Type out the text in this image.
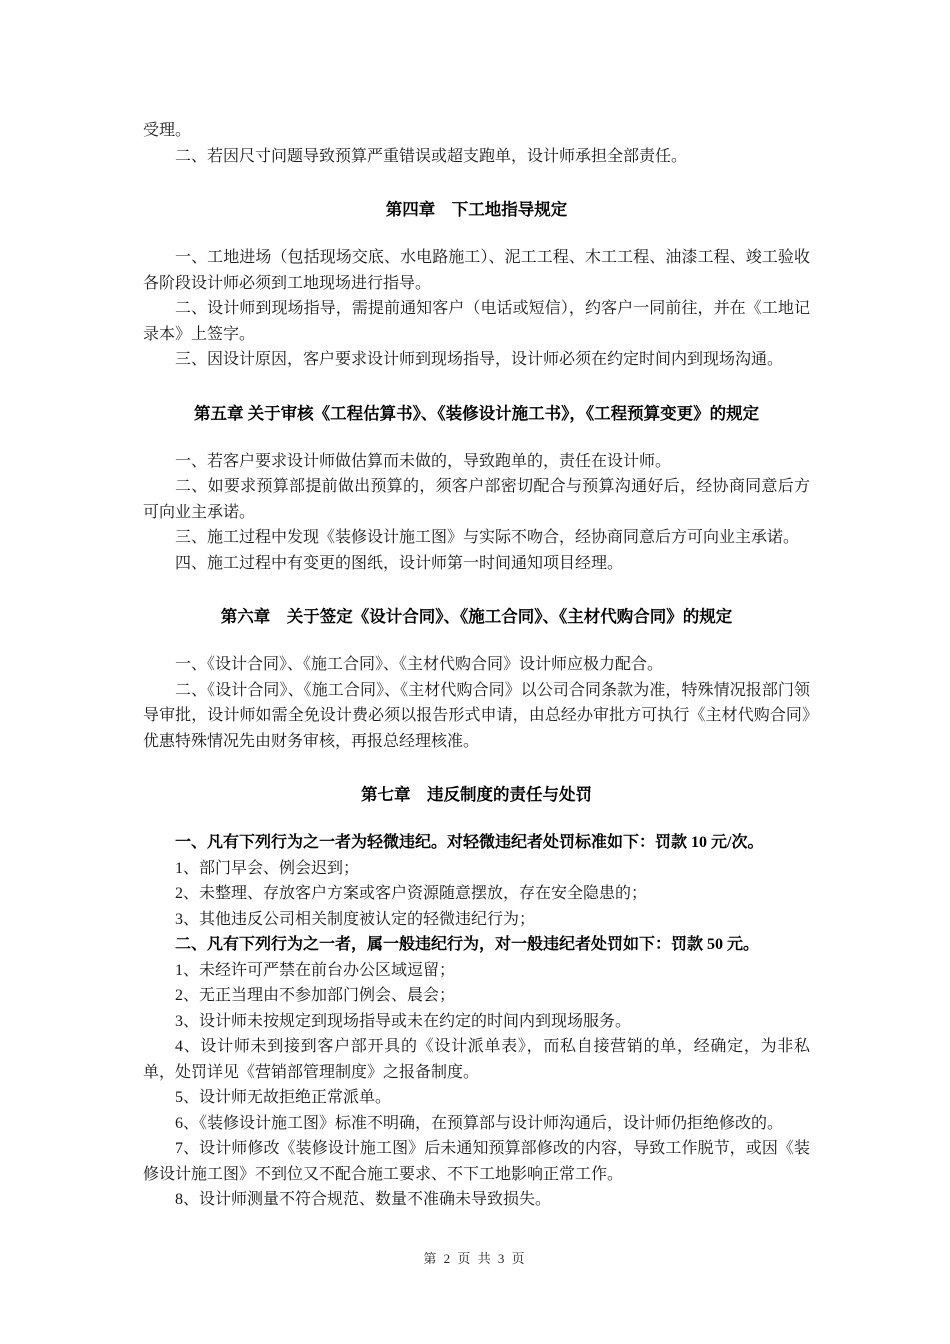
受理。

二、若因尺寸问题导致预算严重错误或超支跑单，设计师承担全部责任。

第四章　下工地指导规定

一、工地进场（包括现场交底、水电路施工）、泥工工程、木工工程、油漆工程、竣工验收各阶段设计师必须到工地现场进行指导。

二、设计师到现场指导，需提前通知客户（电话或短信），约客户一同前往，并在《工地记录本》上签字。

三、因设计原因，客户要求设计师到现场指导，设计师必须在约定时间内到现场沟通。

第五章 关于审核《工程估算书》、《装修设计施工书》，《工程预算变更》的规定

一、若客户要求设计师做估算而未做的，导致跑单的，责任在设计师。

二、如要求预算部提前做出预算的，须客户部密切配合与预算沟通好后，经协商同意后方可向业主承诺。

三、施工过程中发现《装修设计施工图》与实际不吻合，经协商同意后方可向业主承诺。

四、施工过程中有变更的图纸，设计师第一时间通知项目经理。

第六章　关于签定《设计合同》、《施工合同》、《主材代购合同》的规定

一、《设计合同》、《施工合同》、《主材代购合同》设计师应极力配合。

二、《设计合同》、《施工合同》、《主材代购合同》以公司合同条款为准，特殊情况报部门领导审批，设计师如需全免设计费必须以报告形式申请，由总经办审批方可执行《主材代购合同》优惠特殊情况先由财务审核，再报总经理核准。

第七章　违反制度的责任与处罚

一、凡有下列行为之一者为轻微违纪。对轻微违纪者处罚标准如下：罚款 10 元/次。

1、部门早会、例会迟到；

2、未整理、存放客户方案或客户资源随意摆放，存在安全隐患的；

3、其他违反公司相关制度被认定的轻微违纪行为；

二、凡有下列行为之一者，属一般违纪行为，对一般违纪者处罚如下：罚款 50 元。

1、未经许可严禁在前台办公区域逗留；

2、无正当理由不参加部门例会、晨会；

3、设计师未按规定到现场指导或未在约定的时间内到现场服务。

4、设计师未到接到客户部开具的《设计派单表》，而私自接营销的单，经确定，为非私单，处罚详见《营销部管理制度》之报备制度。

5、设计师无故拒绝正常派单。

6、《装修设计施工图》标准不明确，在预算部与设计师沟通后，设计师仍拒绝修改的。

7、设计师修改《装修设计施工图》后未通知预算部修改的内容，导致工作脱节，或因《装修设计施工图》不到位又不配合施工要求、不下工地影响正常工作。

8、设计师测量不符合规范、数量不准确未导致损失。

第 2 页 共 3 页
